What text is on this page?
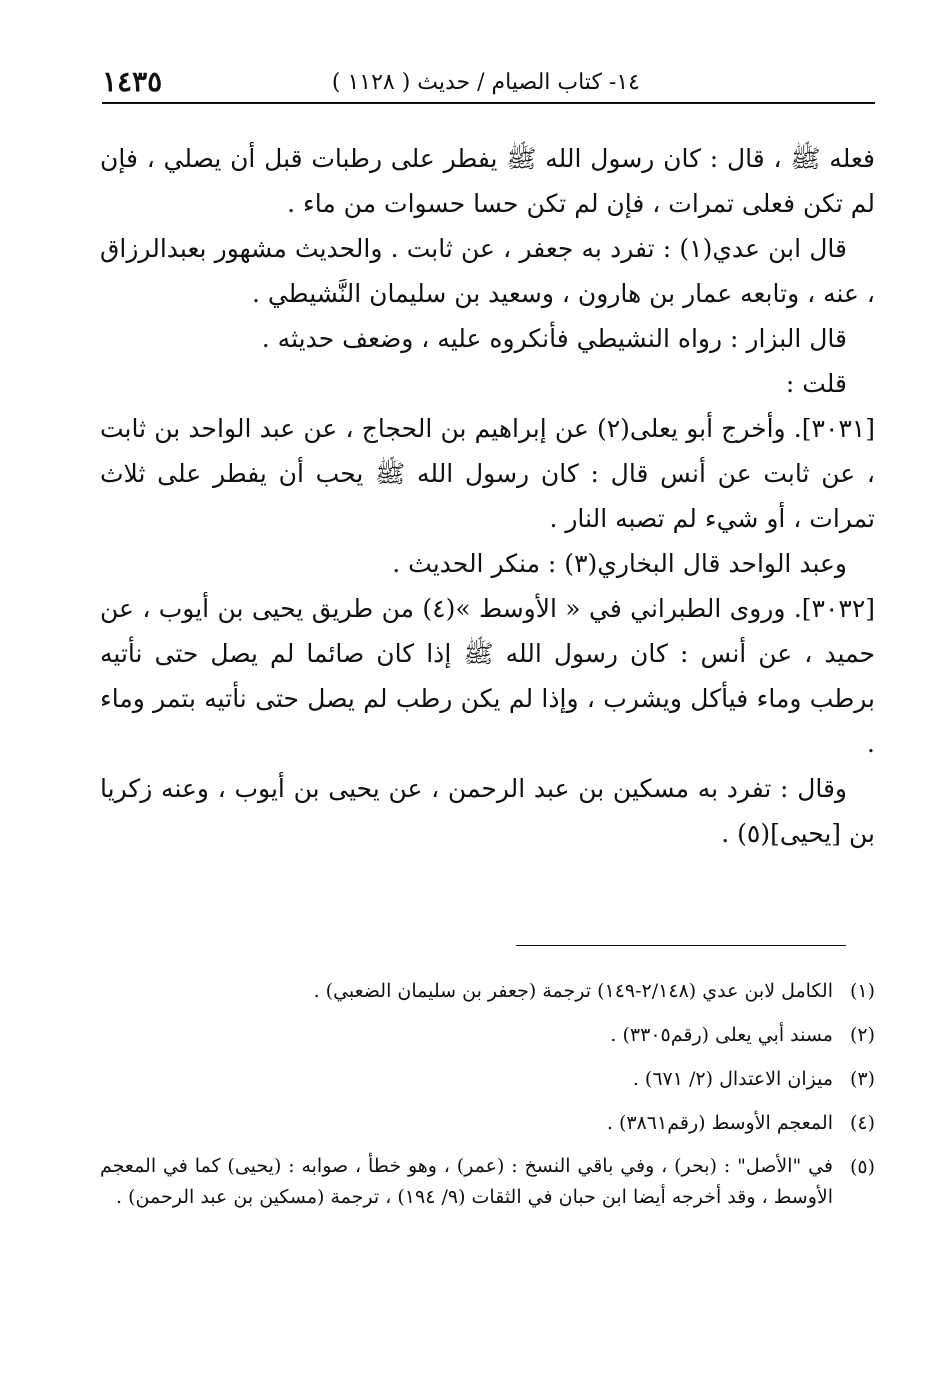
١٤- كتاب الصيام / حديث ( ١١٢٨ )
١٤٣٥

فعله ﷺ ، قال : كان رسول الله ﷺ يفطر على رطبات قبل أن يصلي ، فإن لم تكن فعلى تمرات ، فإن لم تكن حسا حسوات من ماء .

قال ابن عدي(١) : تفرد به جعفر ، عن ثابت . والحديث مشهور بعبدالرزاق ، عنه ، وتابعه عمار بن هارون ، وسعيد بن سليمان النَّشيطي .

قال البزار : رواه النشيطي فأنكروه عليه ، وضعف حديثه .

قلت :

[٣٠٣١]. وأخرج أبو يعلى(٢) عن إبراهيم بن الحجاج ، عن عبد الواحد بن ثابت ، عن ثابت عن أنس قال : كان رسول الله ﷺ يحب أن يفطر على ثلاث تمرات ، أو شيء لم تصبه النار .

وعبد الواحد قال البخاري(٣) : منكر الحديث .

[٣٠٣٢]. وروى الطبراني في « الأوسط »(٤) من طريق يحيى بن أيوب ، عن حميد ، عن أنس : كان رسول الله ﷺ إذا كان صائما لم يصل حتى نأتيه برطب وماء فيأكل ويشرب ، وإذا لم يكن رطب لم يصل حتى نأتيه بتمر وماء .

وقال : تفرد به مسكين بن عبد الرحمن ، عن يحيى بن أيوب ، وعنه زكريا بن [يحيى](٥) .

(١)
الكامل لابن عدي (٢/١٤٨-١٤٩) ترجمة (جعفر بن سليمان الضعبي) .
(٢)
مسند أبي يعلى (رقم٣٣٠٥) .
(٣)
ميزان الاعتدال (٢/ ٦٧١) .
(٤)
المعجم الأوسط (رقم٣٨٦١) .
(٥)
في "الأصل" : (بحر) ، وفي باقي النسخ : (عمر) ، وهو خطأ ، صوابه : (يحيى) كما في المعجم الأوسط ، وقد أخرجه أيضا ابن حبان في الثقات (٩/ ١٩٤) ، ترجمة (مسكين بن عبد الرحمن) .
